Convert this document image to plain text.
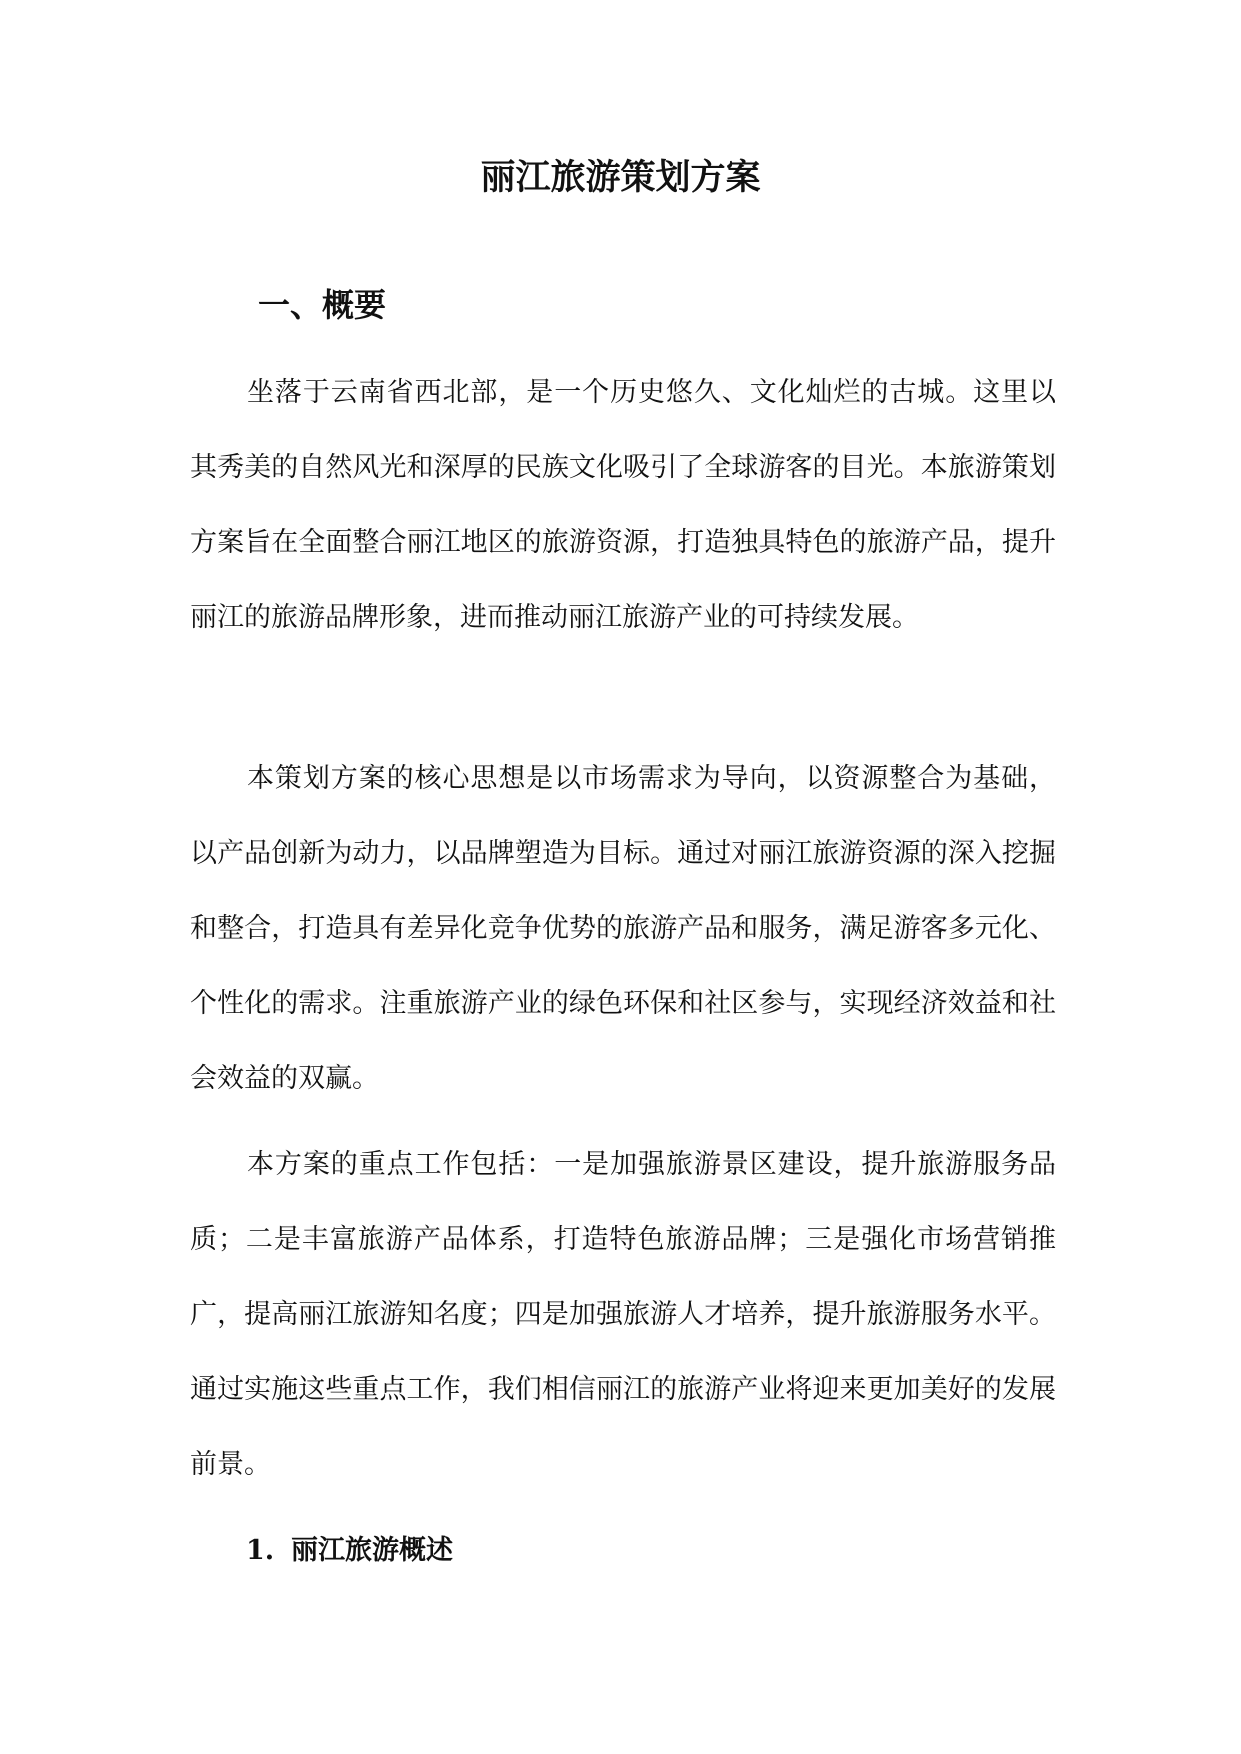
丽江旅游策划方案
一、概要

坐落于云南省西北部，是一个历史悠久、文化灿烂的古城。这里以其秀美的自然风光和深厚的民族文化吸引了全球游客的目光。本旅游策划方案旨在全面整合丽江地区的旅游资源，打造独具特色的旅游产品，提升丽江的旅游品牌形象，进而推动丽江旅游产业的可持续发展。

本策划方案的核心思想是以市场需求为导向，以资源整合为基础，以产品创新为动力，以品牌塑造为目标。通过对丽江旅游资源的深入挖掘和整合，打造具有差异化竞争优势的旅游产品和服务，满足游客多元化、个性化的需求。注重旅游产业的绿色环保和社区参与，实现经济效益和社会效益的双赢。

本方案的重点工作包括：一是加强旅游景区建设，提升旅游服务品质；二是丰富旅游产品体系，打造特色旅游品牌；三是强化市场营销推广，提高丽江旅游知名度；四是加强旅游人才培养，提升旅游服务水平。通过实施这些重点工作，我们相信丽江的旅游产业将迎来更加美好的发展前景。

1. 丽江旅游概述
